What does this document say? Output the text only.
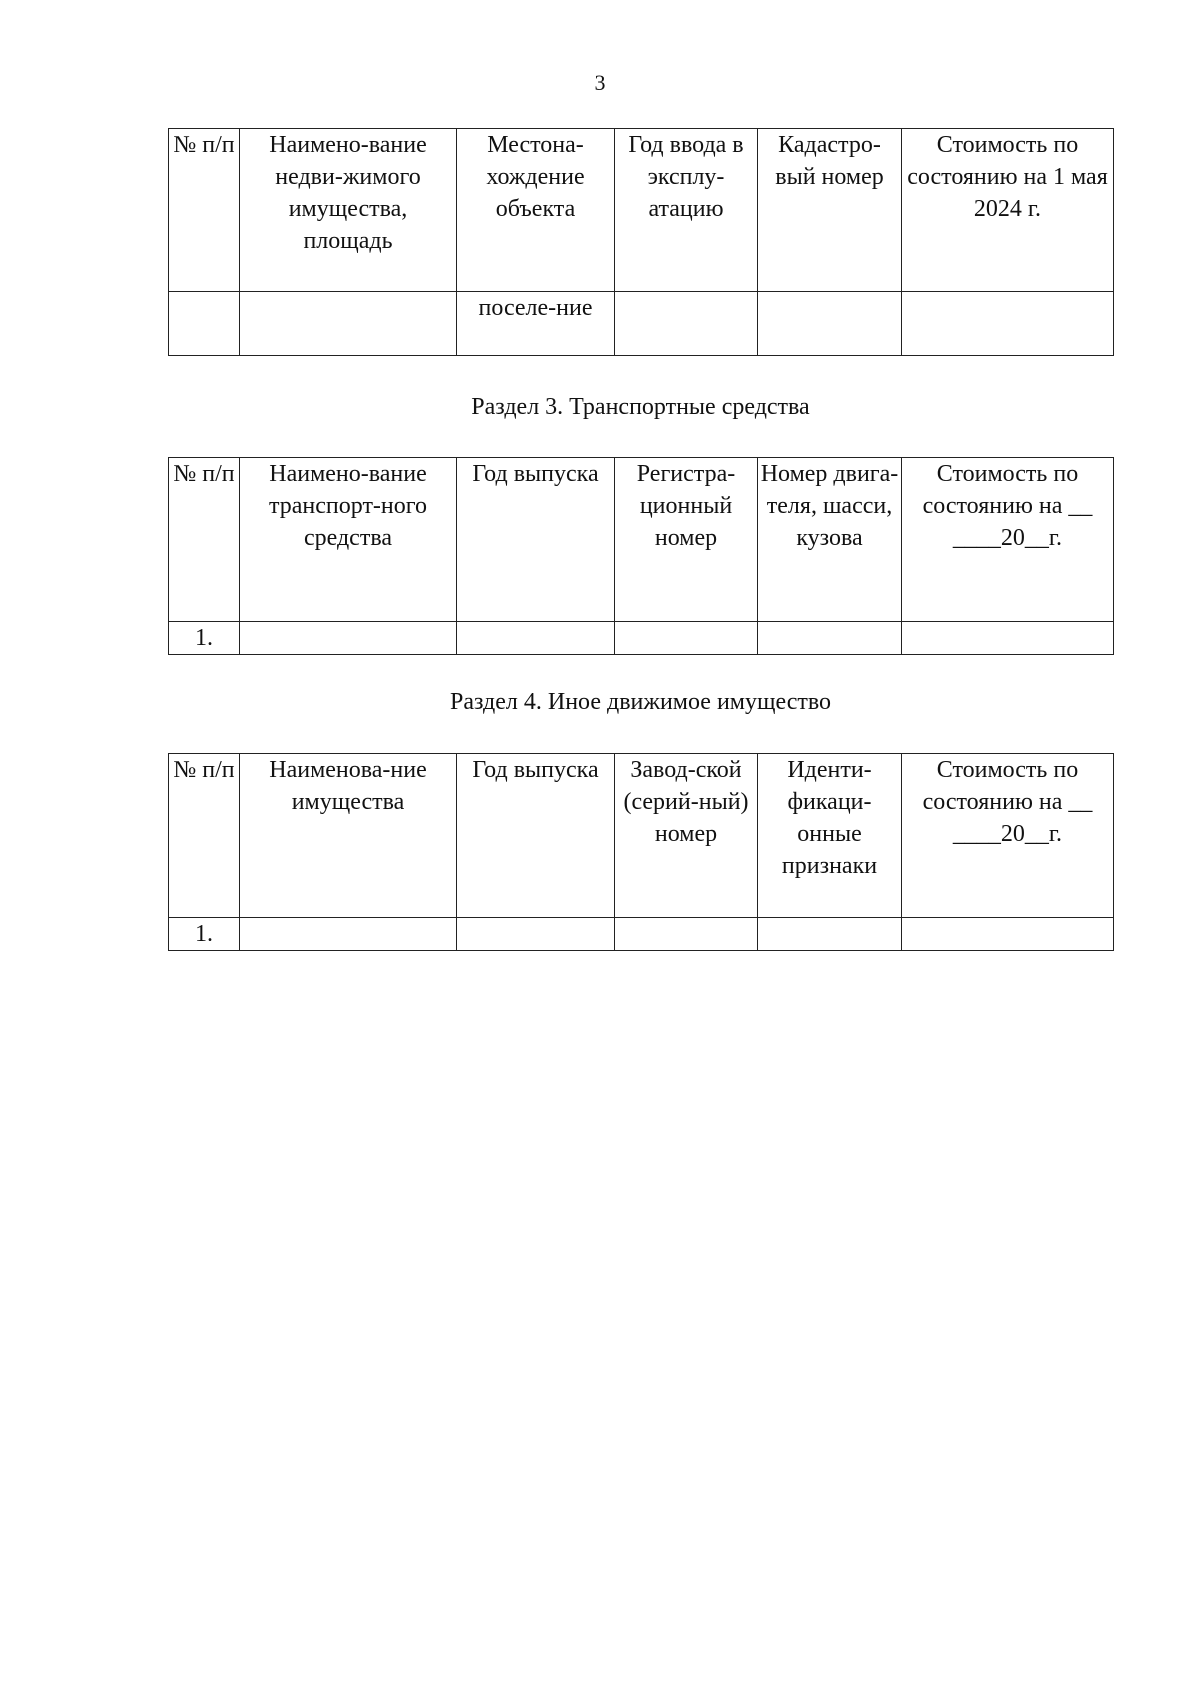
3
№ п/п	Наимено-вание недви-жимого имущества, площадь	Местона-хождение объекта	Год ввода в эксплу-атацию	Кадастро-вый номер	Стоимость по состоянию на 1 мая 2024 г.
		поселе-ние			
Раздел 3. Транспортные средства
№ п/п	Наимено-вание транспорт-ного средства	Год выпуска	Регистра-ционный номер	Номер двига-теля, шасси, кузова	Стоимость по состоянию на __ ____20__г.
1.					
Раздел 4. Иное движимое имущество
№ п/п	Наименова-ние имущества	Год выпуска	Завод-ской (серий-ный) номер	Иденти-фикаци-онные признаки	Стоимость по состоянию на __ ____20__г.
1.					
